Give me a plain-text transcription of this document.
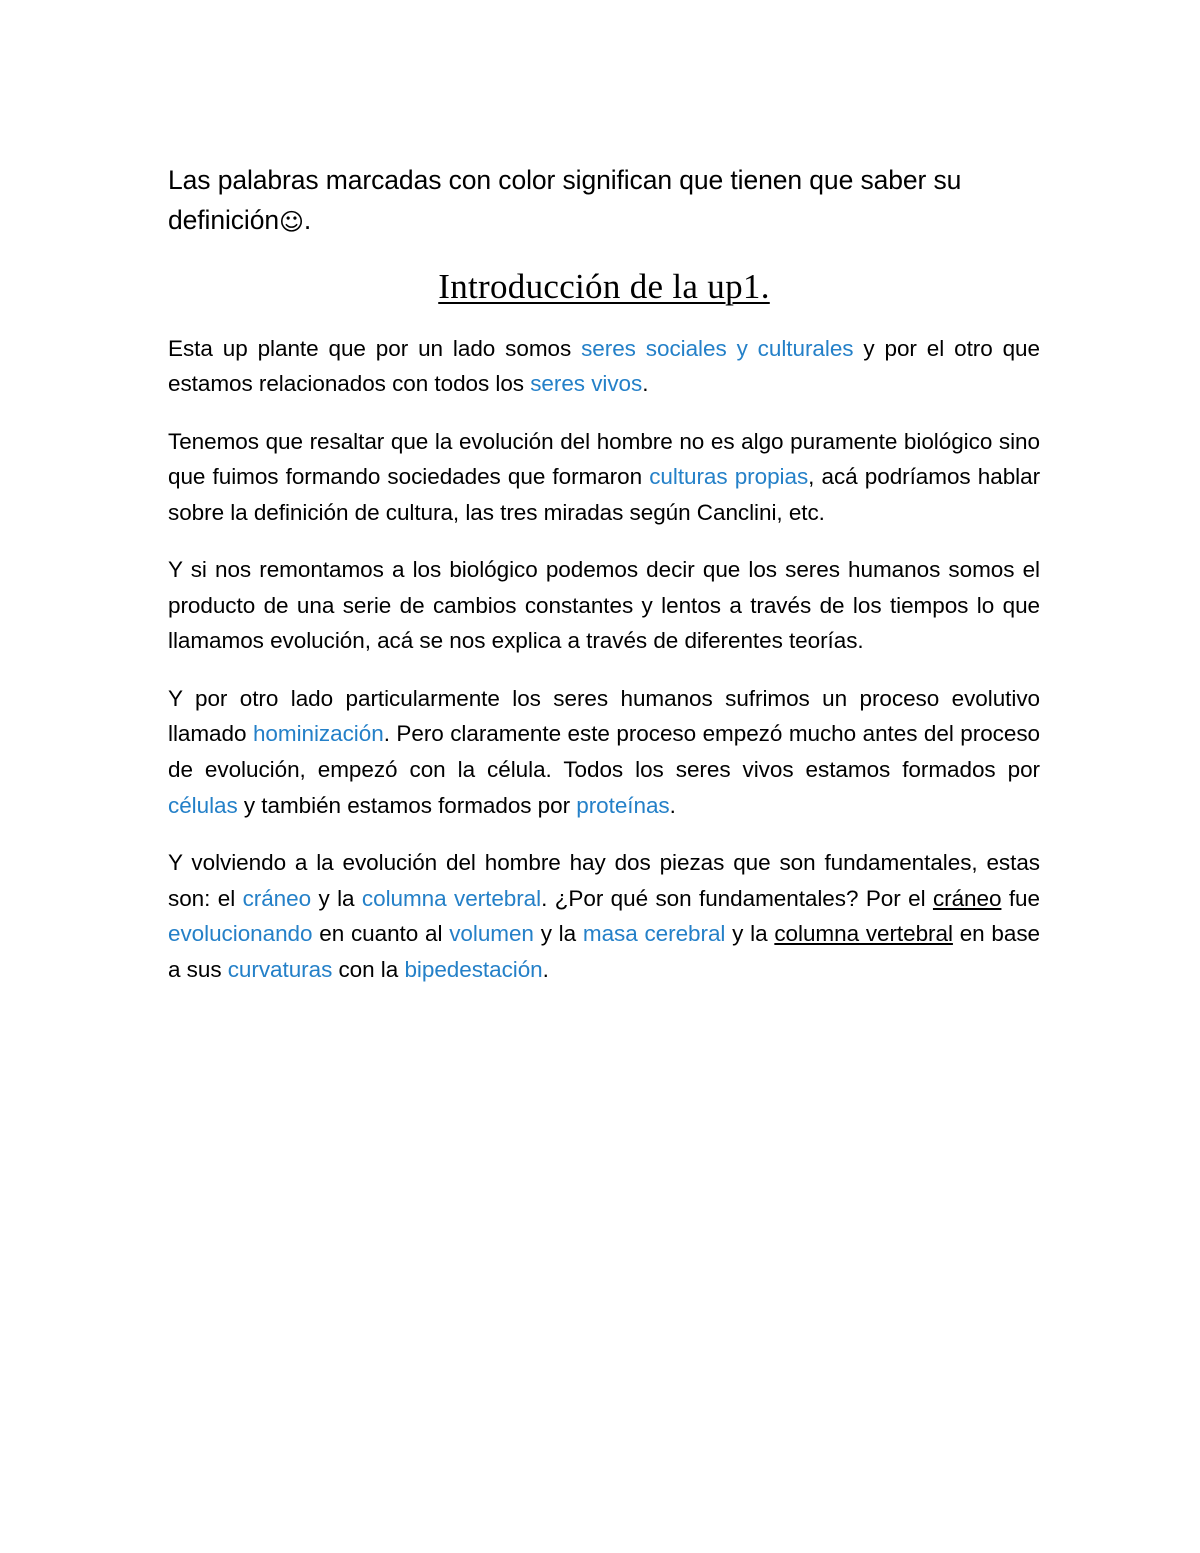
Las palabras marcadas con color significan que tienen que saber su definición☺.

Introducción de la up1.

Esta up plante que por un lado somos seres sociales y culturales y por el otro que estamos relacionados con todos los seres vivos.

Tenemos que resaltar que la evolución del hombre no es algo puramente biológico sino que fuimos formando sociedades que formaron culturas propias, acá podríamos hablar sobre la definición de cultura, las tres miradas según Canclini, etc.

Y si nos remontamos a los biológico podemos decir que los seres humanos somos el producto de una serie de cambios constantes y lentos a través de los tiempos lo que llamamos evolución, acá se nos explica a través de diferentes teorías.

Y por otro lado particularmente los seres humanos sufrimos un proceso evolutivo llamado hominización. Pero claramente este proceso empezó mucho antes del proceso de evolución, empezó con la célula. Todos los seres vivos estamos formados por células y también estamos formados por proteínas.

Y volviendo a la evolución del hombre hay dos piezas que son fundamentales, estas son: el cráneo y la columna vertebral. ¿Por qué son fundamentales? Por el cráneo fue evolucionando en cuanto al volumen y la masa cerebral y la columna vertebral en base a sus curvaturas con la bipedestación.
